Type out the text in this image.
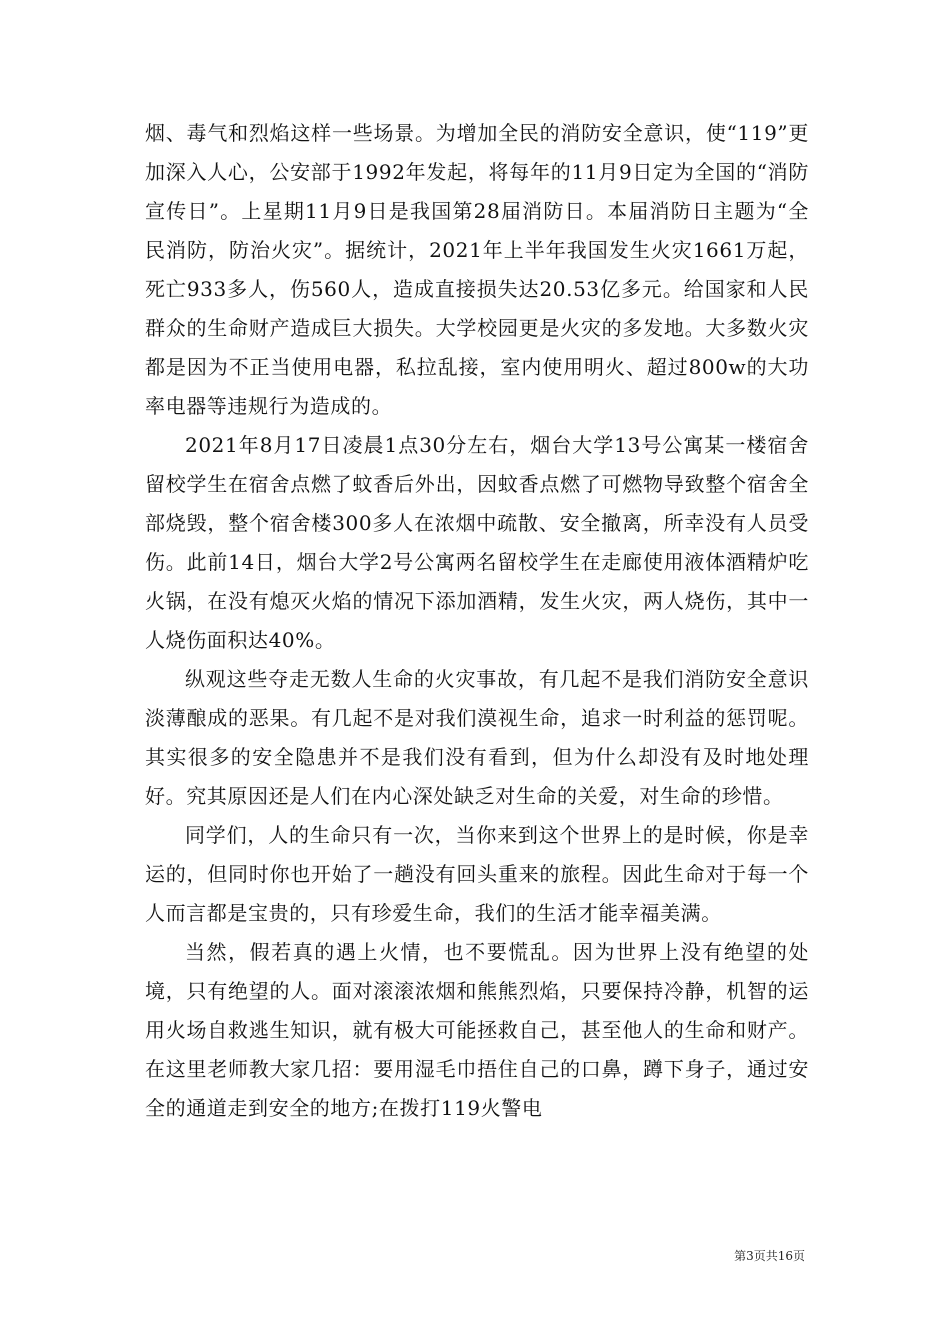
烟、毒气和烈焰这样一些场景。为增加全民的消防安全意识，使“119”更加深入人心，公安部于1992年发起，将每年的11月9日定为全国的“消防宣传日”。上星期11月9日是我国第28届消防日。本届消防日主题为“全民消防，防治火灾”。据统计，2021年上半年我国发生火灾1661万起，死亡933多人，伤560人，造成直接损失达20.53亿多元。给国家和人民群众的生命财产造成巨大损失。大学校园更是火灾的多发地。大多数火灾都是因为不正当使用电器，私拉乱接，室内使用明火、超过800w的大功率电器等违规行为造成的。

2021年8月17日凌晨1点30分左右，烟台大学13号公寓某一楼宿舍留校学生在宿舍点燃了蚊香后外出，因蚊香点燃了可燃物导致整个宿舍全部烧毁，整个宿舍楼300多人在浓烟中疏散、安全撤离，所幸没有人员受伤。此前14日，烟台大学2号公寓两名留校学生在走廊使用液体酒精炉吃火锅，在没有熄灭火焰的情况下添加酒精，发生火灾，两人烧伤，其中一人烧伤面积达40%。

纵观这些夺走无数人生命的火灾事故，有几起不是我们消防安全意识淡薄酿成的恶果。有几起不是对我们漠视生命，追求一时利益的惩罚呢。其实很多的安全隐患并不是我们没有看到，但为什么却没有及时地处理好。究其原因还是人们在内心深处缺乏对生命的关爱，对生命的珍惜。

同学们，人的生命只有一次，当你来到这个世界上的是时候，你是幸运的，但同时你也开始了一趟没有回头重来的旅程。因此生命对于每一个人而言都是宝贵的，只有珍爱生命，我们的生活才能幸福美满。

当然，假若真的遇上火情，也不要慌乱。因为世界上没有绝望的处境，只有绝望的人。面对滚滚浓烟和熊熊烈焰，只要保持冷静，机智的运用火场自救逃生知识，就有极大可能拯救自己，甚至他人的生命和财产。在这里老师教大家几招：要用湿毛巾捂住自己的口鼻，蹲下身子，通过安全的通道走到安全的地方;在拨打119火警电

第3页共16页
